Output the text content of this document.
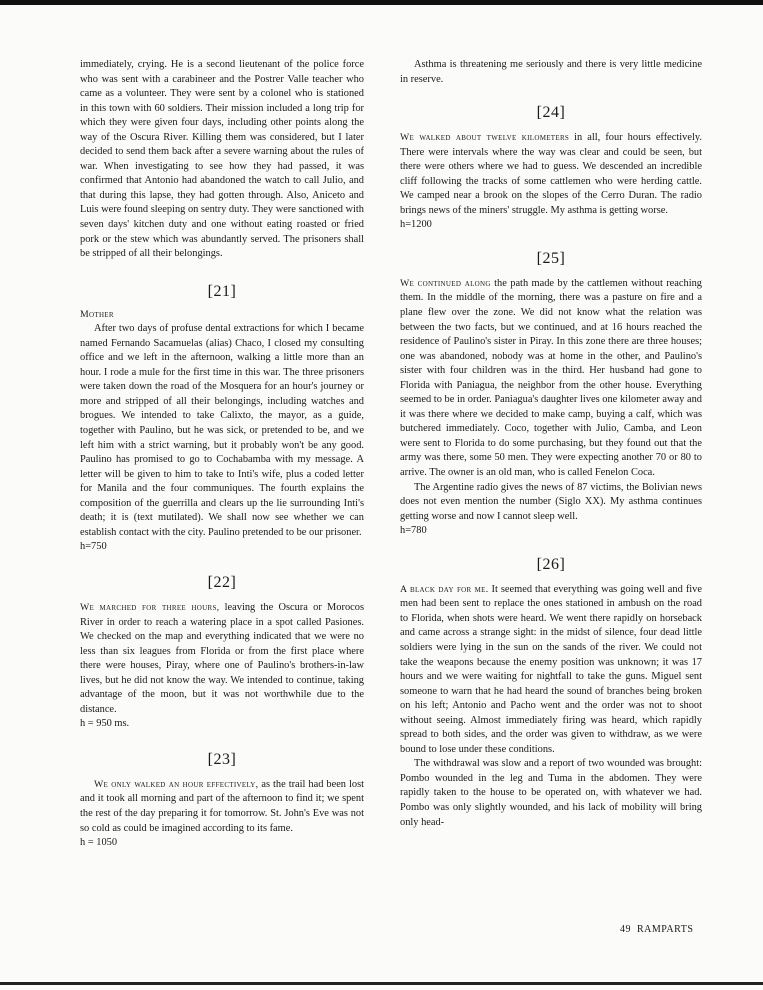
immediately, crying. He is a second lieutenant of the police force who was sent with a carabineer and the Postrer Valle teacher who came as a volunteer. They were sent by a colonel who is stationed in this town with 60 soldiers. Their mission included a long trip for which they were given four days, including other points along the way of the Oscura River. Killing them was considered, but I later decided to send them back after a severe warning about the rules of war. When investigating to see how they had passed, it was confirmed that Antonio had abandoned the watch to call Julio, and that during this lapse, they had gotten through. Also, Aniceto and Luis were found sleeping on sentry duty. They were sanctioned with seven days' kitchen duty and one without eating roasted or fried pork or the stew which was abundantly served. The prisoners shall be stripped of all their belongings.

[21]

Mother

After two days of profuse dental extractions for which I became named Fernando Sacamuelas (alias) Chaco, I closed my consulting office and we left in the afternoon, walking a little more than an hour. I rode a mule for the first time in this war. The three prisoners were taken down the road of the Mosquera for an hour's journey or more and stripped of all their belongings, including watches and brogues. We intended to take Calixto, the mayor, as a guide, together with Paulino, but he was sick, or pretended to be, and we left him with a strict warning, but it probably won't be any good. Paulino has promised to go to Cochabamba with my message. A letter will be given to him to take to Inti's wife, plus a coded letter for Manila and the four communiques. The fourth explains the composition of the guerrilla and clears up the lie surrounding Inti's death; it is (text mutilated). We shall now see whether we can establish contact with the city. Paulino pretended to be our prisoner.

h=750

[22]

We marched for three hours, leaving the Oscura or Morocos River in order to reach a watering place in a spot called Pasiones. We checked on the map and everything indicated that we were no less than six leagues from Florida or from the first place where there were houses, Piray, where one of Paulino's brothers-in-law lives, but he did not know the way. We intended to continue, taking advantage of the moon, but it was not worthwhile due to the distance.

h = 950 ms.

[23]

We only walked an hour effectively, as the trail had been lost and it took all morning and part of the afternoon to find it; we spent the rest of the day preparing it for tomorrow. St. John's Eve was not so cold as could be imagined according to its fame.

h = 1050

Asthma is threatening me seriously and there is very little medicine in reserve.

[24]

We walked about twelve kilometers in all, four hours effectively. There were intervals where the way was clear and could be seen, but there were others where we had to guess. We descended an incredible cliff following the tracks of some cattlemen who were herding cattle. We camped near a brook on the slopes of the Cerro Duran. The radio brings news of the miners' struggle. My asthma is getting worse.

h=1200

[25]

We continued along the path made by the cattlemen without reaching them. In the middle of the morning, there was a pasture on fire and a plane flew over the zone. We did not know what the relation was between the two facts, but we continued, and at 16 hours reached the residence of Paulino's sister in Piray. In this zone there are three houses; one was abandoned, nobody was at home in the other, and Paulino's sister with four children was in the third. Her husband had gone to Florida with Paniagua, the neighbor from the other house. Everything seemed to be in order. Paniagua's daughter lives one kilometer away and it was there where we decided to make camp, buying a calf, which was butchered immediately. Coco, together with Julio, Camba, and Leon were sent to Florida to do some purchasing, but they found out that the army was there, some 50 men. They were expecting another 70 or 80 to arrive. The owner is an old man, who is called Fenelon Coca.

The Argentine radio gives the news of 87 victims, the Bolivian news does not even mention the number (Siglo XX). My asthma continues getting worse and now I cannot sleep well.

h=780

[26]

A black day for me. It seemed that everything was going well and five men had been sent to replace the ones stationed in ambush on the road to Florida, when shots were heard. We went there rapidly on horseback and came across a strange sight: in the midst of silence, four dead little soldiers were lying in the sun on the sands of the river. We could not take the weapons because the enemy position was unknown; it was 17 hours and we were waiting for nightfall to take the guns. Miguel sent someone to warn that he had heard the sound of branches being broken on his left; Antonio and Pacho went and the order was not to shoot without seeing. Almost immediately firing was heard, which rapidly spread to both sides, and the order was given to withdraw, as we were bound to lose under these conditions.

The withdrawal was slow and a report of two wounded was brought: Pombo wounded in the leg and Tuma in the abdomen. They were rapidly taken to the house to be operated on, with whatever we had. Pombo was only slightly wounded, and his lack of mobility will bring only head-

49 RAMPARTS
